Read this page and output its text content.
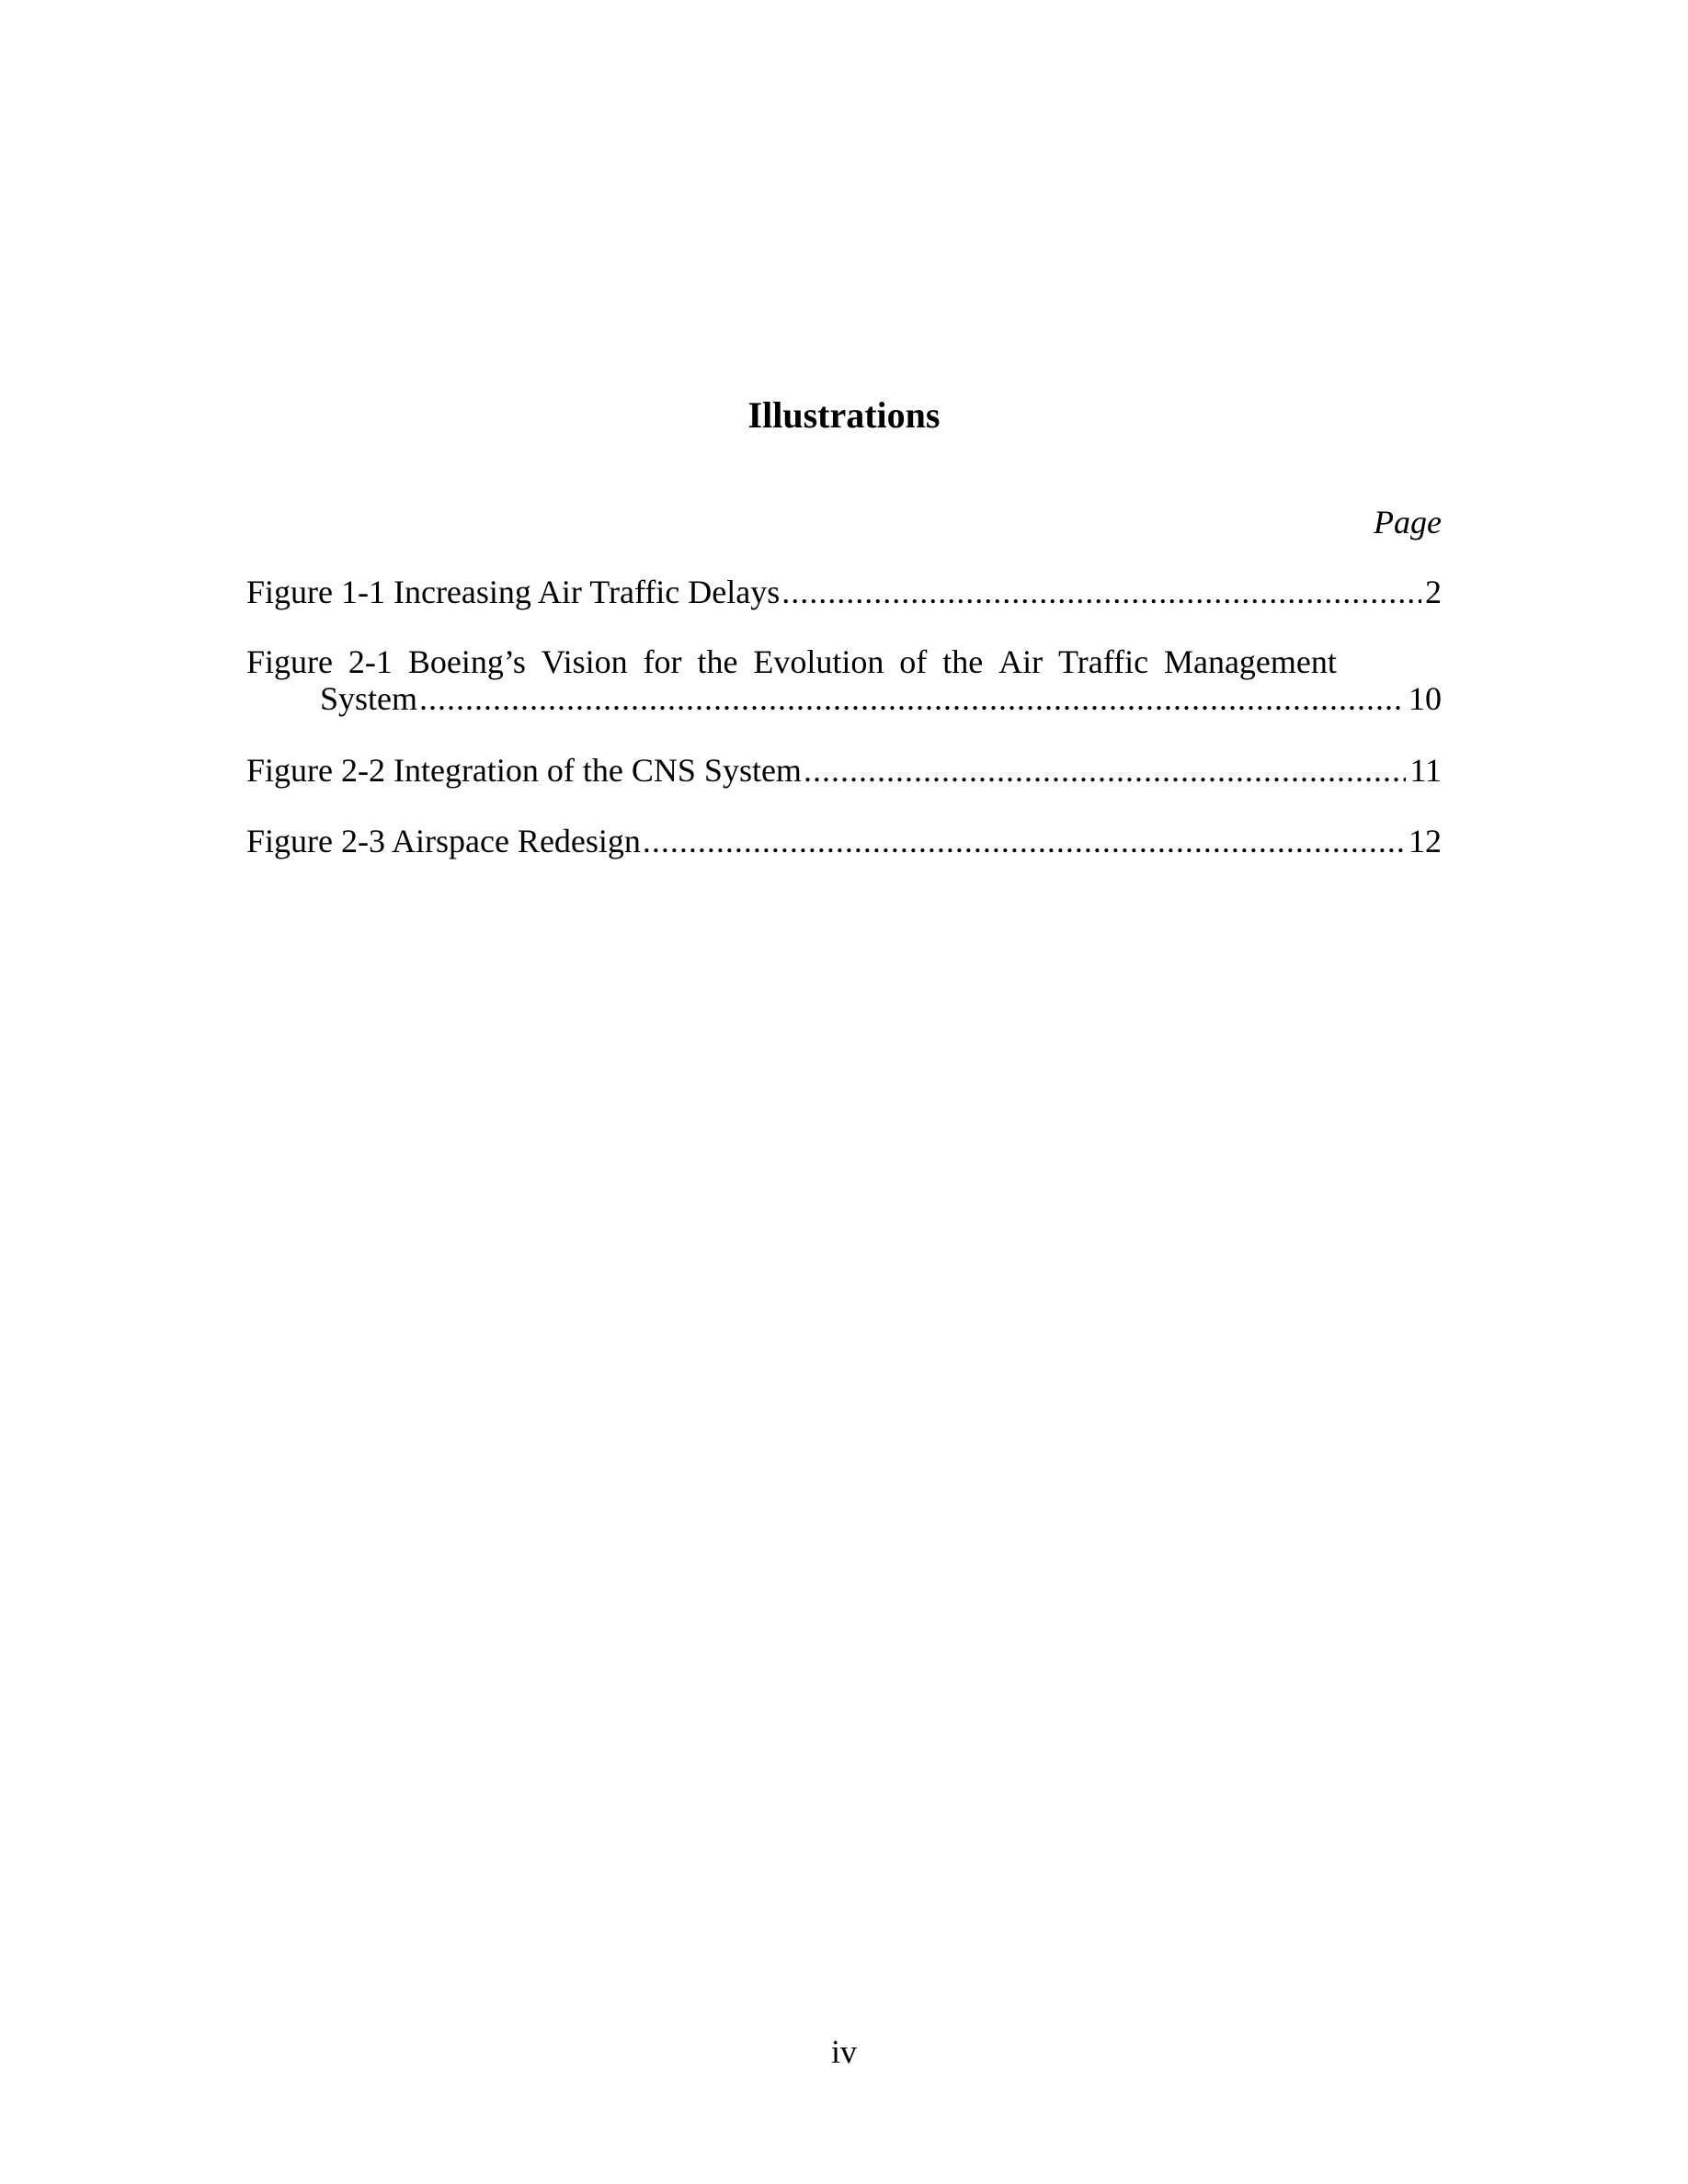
Illustrations
Page
Figure 1-1 Increasing Air Traffic Delays .....	2
Figure 2-1 Boeing’s Vision for the Evolution of the Air Traffic Management
System .....	10
Figure 2-2 Integration of the CNS System .....	11
Figure 2-3 Airspace Redesign .....	12
iv
